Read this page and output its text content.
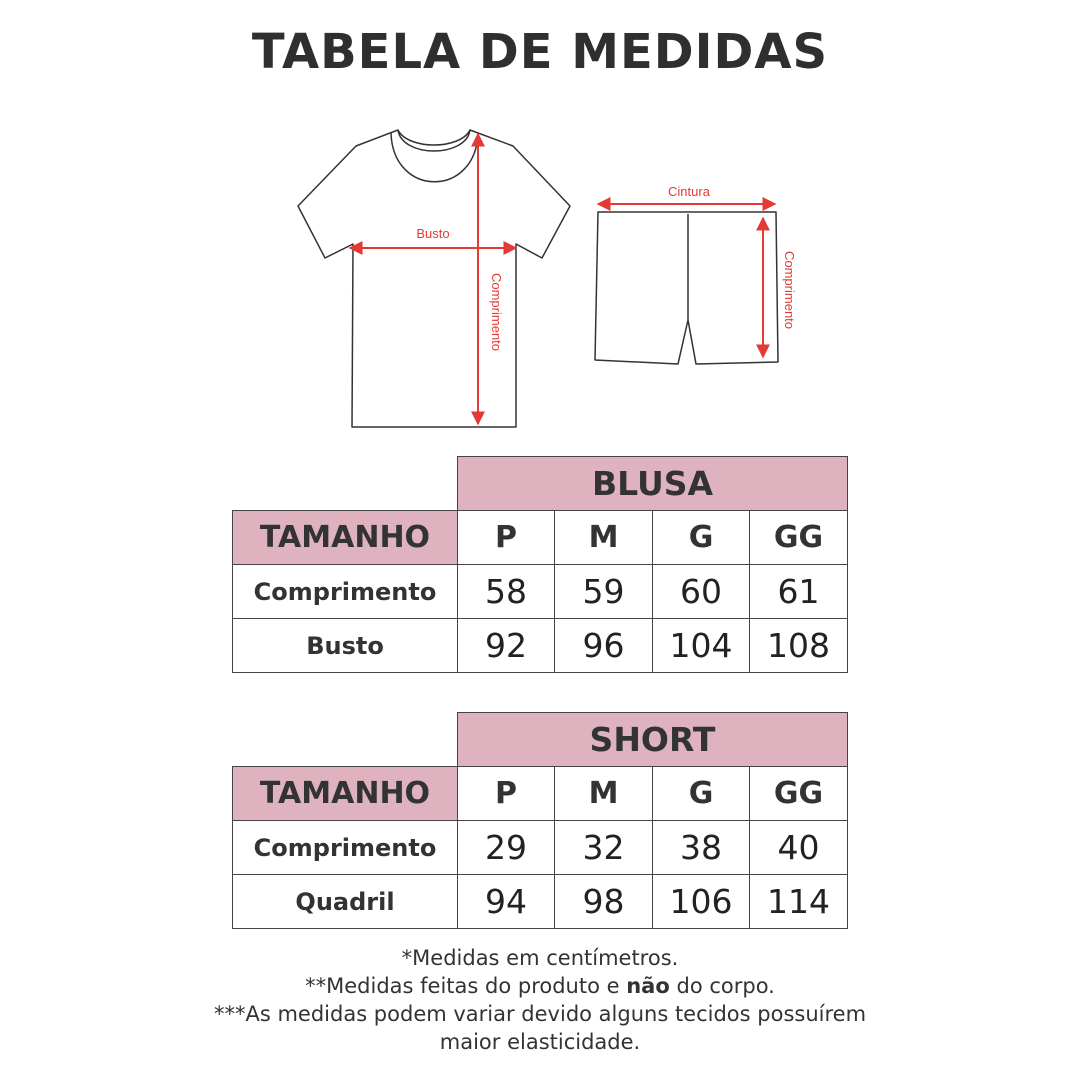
TABELA DE MEDIDAS
Busto
Comprimento
Cintura
Comprimento
	BLUSA			
TAMANHO	P	M	G	GG
Comprimento	58	59	60	61
Busto	92	96	104	108
	SHORT			
TAMANHO	P	M	G	GG
Comprimento	29	32	38	40
Quadril	94	98	106	114

*Medidas em centímetros.

**Medidas feitas do produto e não do corpo.

***As medidas podem variar devido alguns tecidos possuírem

maior elasticidade.
